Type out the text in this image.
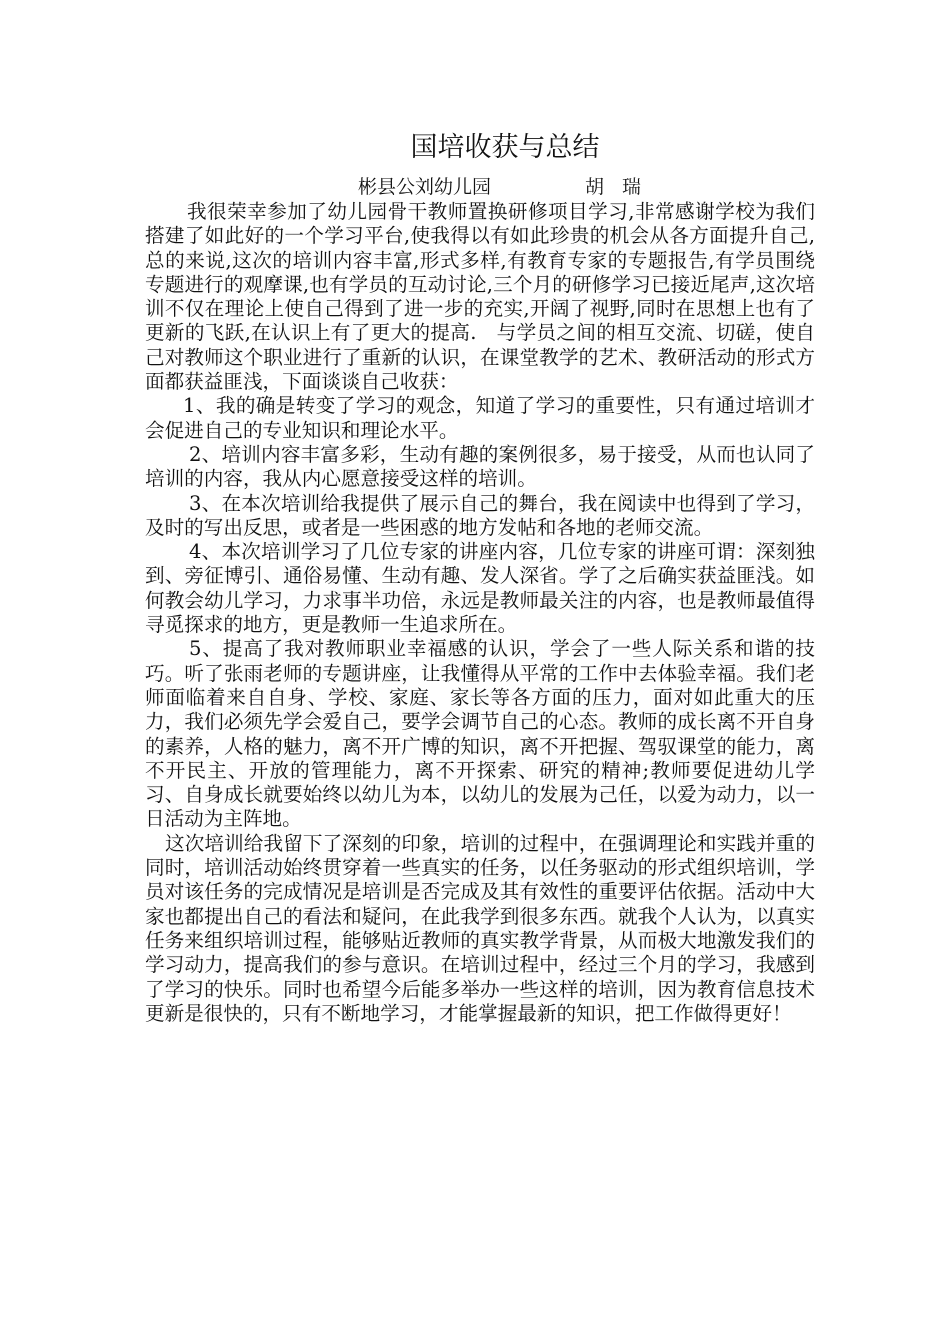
国培收获与总结
彬县公刘幼儿园	胡 瑞

我很荣幸参加了幼儿园骨干教师置换研修项目学习,非常感谢学校为我们搭建了如此好的一个学习平台,使我得以有如此珍贵的机会从各方面提升自己,总的来说,这次的培训内容丰富,形式多样,有教育专家的专题报告,有学员围绕专题进行的观摩课,也有学员的互动讨论,三个月的研修学习已接近尾声,这次培训不仅在理论上使自己得到了进一步的充实,开阔了视野,同时在思想上也有了更新的飞跃,在认识上有了更大的提高.　与学员之间的相互交流、切磋，使自己对教师这个职业进行了重新的认识，在课堂教学的艺术、教研活动的形式方面都获益匪浅，下面谈谈自己收获：

1、我的确是转变了学习的观念，知道了学习的重要性，只有通过培训才会促进自己的专业知识和理论水平。

2、培训内容丰富多彩，生动有趣的案例很多，易于接受，从而也认同了培训的内容，我从内心愿意接受这样的培训。

3、在本次培训给我提供了展示自己的舞台，我在阅读中也得到了学习，及时的写出反思，或者是一些困惑的地方发帖和各地的老师交流。

4、本次培训学习了几位专家的讲座内容，几位专家的讲座可谓：深刻独到、旁征博引、通俗易懂、生动有趣、发人深省。学了之后确实获益匪浅。如何教会幼儿学习，力求事半功倍，永远是教师最关注的内容，也是教师最值得寻觅探求的地方，更是教师一生追求所在。

5、提高了我对教师职业幸福感的认识，学会了一些人际关系和谐的技巧。听了张雨老师的专题讲座，让我懂得从平常的工作中去体验幸福。我们老师面临着来自自身、学校、家庭、家长等各方面的压力，面对如此重大的压力，我们必须先学会爱自己，要学会调节自己的心态。教师的成长离不开自身的素养，人格的魅力，离不开广博的知识，离不开把握、驾驭课堂的能力，离不开民主、开放的管理能力，离不开探索、研究的精神;教师要促进幼儿学习、自身成长就要始终以幼儿为本，以幼儿的发展为己任，以爱为动力，以一日活动为主阵地。

这次培训给我留下了深刻的印象，培训的过程中，在强调理论和实践并重的同时，培训活动始终贯穿着一些真实的任务，以任务驱动的形式组织培训，学员对该任务的完成情况是培训是否完成及其有效性的重要评估依据。活动中大家也都提出自己的看法和疑问，在此我学到很多东西。就我个人认为，以真实任务来组织培训过程，能够贴近教师的真实教学背景，从而极大地激发我们的学习动力，提高我们的参与意识。在培训过程中，经过三个月的学习，我感到了学习的快乐。同时也希望今后能多举办一些这样的培训，因为教育信息技术更新是很快的，只有不断地学习，才能掌握最新的知识，把工作做得更好！
